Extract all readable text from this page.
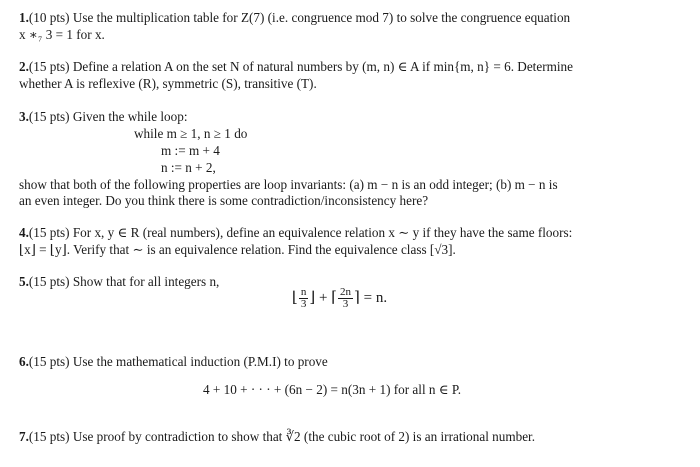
1.(10 pts) Use the multiplication table for Z(7) (i.e. congruence mod 7) to solve the congruence equation
x ∗₇ 3 = 1 for x.
2.(15 pts) Define a relation A on the set N of natural numbers by (m, n) ∈ A if min{m, n} = 6. Determine
whether A is reflexive (R), symmetric (S), transitive (T).
3.(15 pts) Given the while loop:
while m ≥ 1, n ≥ 1 do
m := m + 4
n := n + 2,
show that both of the following properties are loop invariants: (a) m − n is an odd integer; (b) m − n is
an even integer. Do you think there is some contradiction/inconsistency here?
4.(15 pts) For x, y ∈ R (real numbers), define an equivalence relation x ∼ y if they have the same floors:
⌊x⌋ = ⌊y⌋. Verify that ∼ is an equivalence relation. Find the equivalence class [√3].
5.(15 pts) Show that for all integers n,
⌊ $\frac{n}{3}$ ⌋ + ⌈ $\frac{2n}{3}$ ⌉ = n.
6.(15 pts) Use the mathematical induction (P.M.I) to prove
4 + 10 + · · · + (6n − 2) = n(3n + 1) for all n ∈ P.
7.(15 pts) Use proof by contradiction to show that ∛2 (the cubic root of 2) is an irrational number.
